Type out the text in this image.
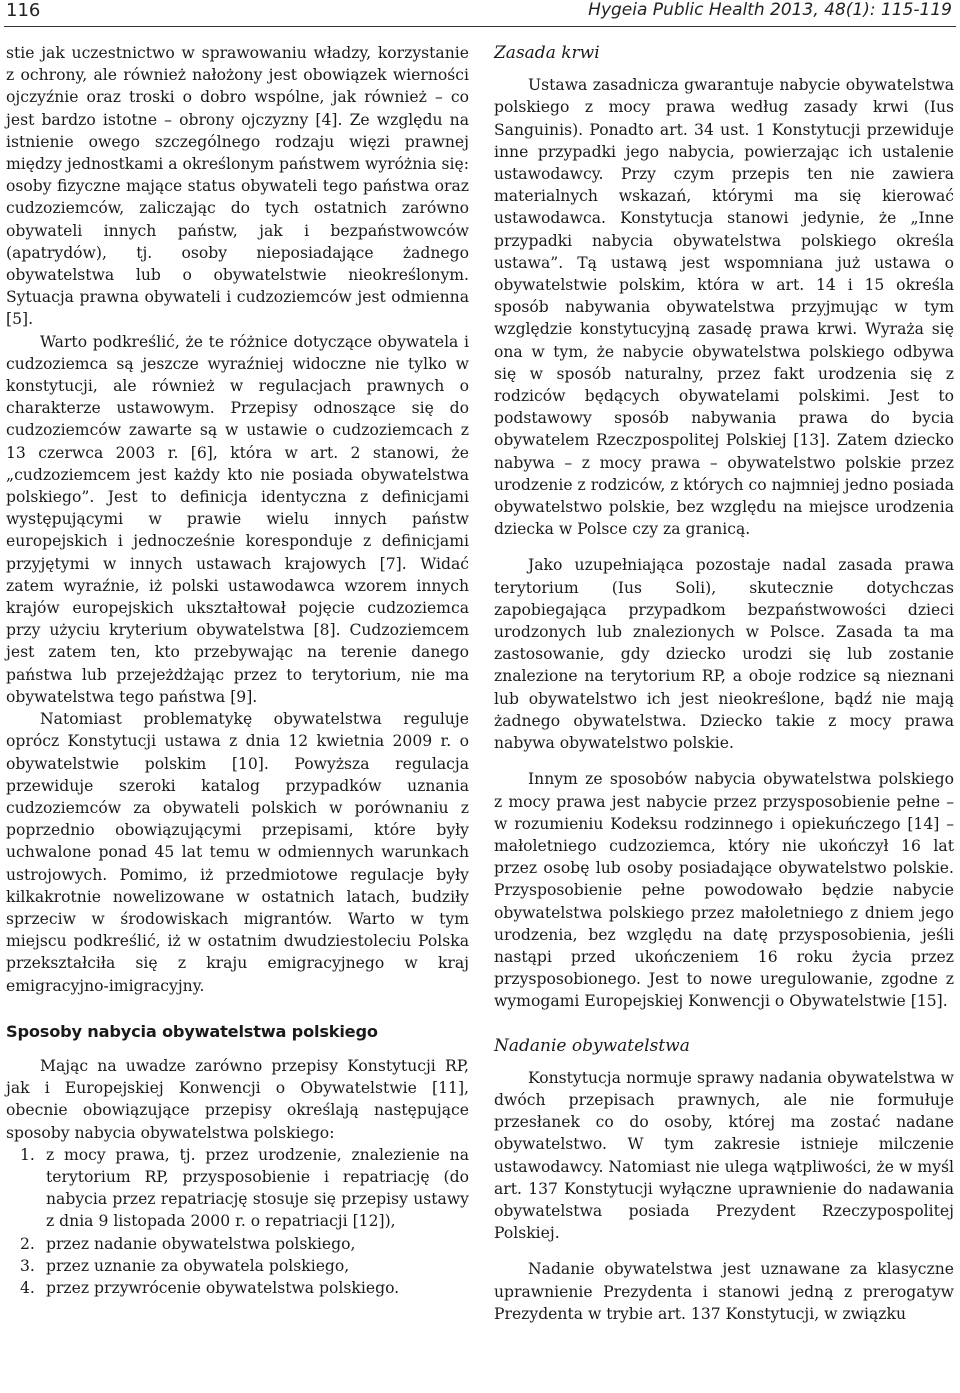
116	Hygeia Public Health 2013, 48(1): 115-119

stie jak uczestnictwo w sprawowaniu władzy, korzystanie z ochrony, ale również nałożony jest obowiązek wierności ojczyźnie oraz troski o dobro wspólne, jak również – co jest bardzo istotne – obrony ojczyzny [4]. Ze względu na istnienie owego szczególnego rodzaju więzi prawnej między jednostkami a określonym państwem wyróżnia się: osoby fizyczne mające status obywateli tego państwa oraz cudzoziemców, zaliczając do tych ostatnich zarówno obywateli innych państw, jak i bezpaństwowców (apatrydów), tj. osoby nieposiadające żadnego obywatelstwa lub o obywatelstwie nieokreślonym. Sytuacja prawna obywateli i cudzoziemców jest odmienna [5].

Warto podkreślić, że te różnice dotyczące obywatela i cudzoziemca są jeszcze wyraźniej widoczne nie tylko w konstytucji, ale również w regulacjach prawnych o charakterze ustawowym. Przepisy odnoszące się do cudzoziemców zawarte są w ustawie o cudzoziemcach z 13 czerwca 2003 r. [6], która w art. 2 stanowi, że „cudzoziemcem jest każdy kto nie posiada obywatelstwa polskiego”. Jest to definicja identyczna z definicjami występującymi w prawie wielu innych państw europejskich i jednocześnie koresponduje z definicjami przyjętymi w innych ustawach krajowych [7]. Widać zatem wyraźnie, iż polski ustawodawca wzorem innych krajów europejskich ukształtował pojęcie cudzoziemca przy użyciu kryterium obywatelstwa [8]. Cudzoziemcem jest zatem ten, kto przebywając na terenie danego państwa lub przejeżdżając przez to terytorium, nie ma obywatelstwa tego państwa [9].

Natomiast problematykę obywatelstwa reguluje oprócz Konstytucji ustawa z dnia 12 kwietnia 2009 r. o obywatelstwie polskim [10]. Powyższa regulacja przewiduje szeroki katalog przypadków uznania cudzoziemców za obywateli polskich w porównaniu z poprzednio obowiązującymi przepisami, które były uchwalone ponad 45 lat temu w odmiennych warunkach ustrojowych. Pomimo, iż przedmiotowe regulacje były kilkakrotnie nowelizowane w ostatnich latach, budziły sprzeciw w środowiskach migrantów. Warto w tym miejscu podkreślić, iż w ostatnim dwudziestoleciu Polska przekształciła się z kraju emigracyjnego w kraj emigracyjno-imigracyjny.

Sposoby nabycia obywatelstwa polskiego

Mając na uwadze zarówno przepisy Konstytucji RP, jak i Europejskiej Konwencji o Obywatelstwie [11], obecnie obowiązujące przepisy określają następujące sposoby nabycia obywatelstwa polskiego:

1. z mocy prawa, tj. przez urodzenie, znalezienie na terytorium RP, przysposobienie i repatriację (do nabycia przez repatriację stosuje się przepisy ustawy z dnia 9 listopada 2000 r. o repatriacji [12]),
2. przez nadanie obywatelstwa polskiego,
3. przez uznanie za obywatela polskiego,
4. przez przywrócenie obywatelstwa polskiego.
Zasada krwi

Ustawa zasadnicza gwarantuje nabycie obywatelstwa polskiego z mocy prawa według zasady krwi (Ius Sanguinis). Ponadto art. 34 ust. 1 Konstytucji przewiduje inne przypadki jego nabycia, powierzając ich ustalenie ustawodawcy. Przy czym przepis ten nie zawiera materialnych wskazań, którymi ma się kierować ustawodawca. Konstytucja stanowi jedynie, że „Inne przypadki nabycia obywatelstwa polskiego określa ustawa”. Tą ustawą jest wspomniana już ustawa o obywatelstwie polskim, która w art. 14 i 15 określa sposób nabywania obywatelstwa przyjmując w tym względzie konstytucyjną zasadę prawa krwi. Wyraża się ona w tym, że nabycie obywatelstwa polskiego odbywa się w sposób naturalny, przez fakt urodzenia się z rodziców będących obywatelami polskimi. Jest to podstawowy sposób nabywania prawa do bycia obywatelem Rzeczpospolitej Polskiej [13]. Zatem dziecko nabywa – z mocy prawa – obywatelstwo polskie przez urodzenie z rodziców, z których co najmniej jedno posiada obywatelstwo polskie, bez względu na miejsce urodzenia dziecka w Polsce czy za granicą.

Jako uzupełniająca pozostaje nadal zasada prawa terytorium (Ius Soli), skutecznie dotychczas zapobiegająca przypadkom bezpaństwowości dzieci urodzonych lub znalezionych w Polsce. Zasada ta ma zastosowanie, gdy dziecko urodzi się lub zostanie znalezione na terytorium RP, a oboje rodzice są nieznani lub obywatelstwo ich jest nieokreślone, bądź nie mają żadnego obywatelstwa. Dziecko takie z mocy prawa nabywa obywatelstwo polskie.

Innym ze sposobów nabycia obywatelstwa polskiego z mocy prawa jest nabycie przez przysposobienie pełne – w rozumieniu Kodeksu rodzinnego i opiekuńczego [14] – małoletniego cudzoziemca, który nie ukończył 16 lat przez osobę lub osoby posiadające obywatelstwo polskie. Przysposobienie pełne powodowało będzie nabycie obywatelstwa polskiego przez małoletniego z dniem jego urodzenia, bez względu na datę przysposobienia, jeśli nastąpi przed ukończeniem 16 roku życia przez przysposobionego. Jest to nowe uregulowanie, zgodne z wymogami Europejskiej Konwencji o Obywatelstwie [15].

Nadanie obywatelstwa

Konstytucja normuje sprawy nadania obywatelstwa w dwóch przepisach prawnych, ale nie formułuje przesłanek co do osoby, której ma zostać nadane obywatelstwo. W tym zakresie istnieje milczenie ustawodawcy. Natomiast nie ulega wątpliwości, że w myśl art. 137 Konstytucji wyłączne uprawnienie do nadawania obywatelstwa posiada Prezydent Rzeczypospolitej Polskiej.

Nadanie obywatelstwa jest uznawane za klasyczne uprawnienie Prezydenta i stanowi jedną z prerogatyw Prezydenta w trybie art. 137 Konstytucji, w związku
